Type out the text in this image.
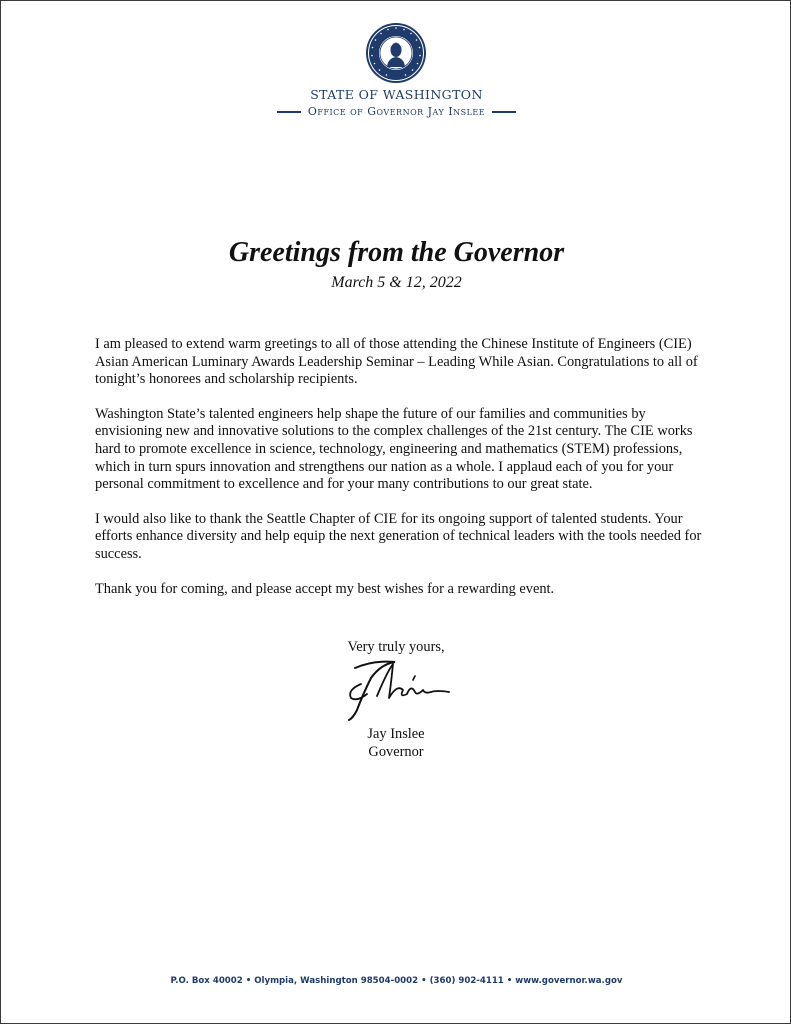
STATE OF WASHINGTON
Office of Governor Jay Inslee
Greetings from the Governor
March 5 & 12, 2022

I am pleased to extend warm greetings to all of those attending the Chinese Institute of Engineers (CIE) Asian American Luminary Awards Leadership Seminar – Leading While Asian. Congratulations to all of tonight’s honorees and scholarship recipients.

Washington State’s talented engineers help shape the future of our families and communities by envisioning new and innovative solutions to the complex challenges of the 21st century. The CIE works hard to promote excellence in science, technology, engineering and mathematics (STEM) professions, which in turn spurs innovation and strengthens our nation as a whole. I applaud each of you for your personal commitment to excellence and for your many contributions to our great state.

I would also like to thank the Seattle Chapter of CIE for its ongoing support of talented students. Your efforts enhance diversity and help equip the next generation of technical leaders with the tools needed for success.

Thank you for coming, and please accept my best wishes for a rewarding event.

Very truly yours,
Jay Inslee
Governor
P.O. Box 40002 • Olympia, Washington 98504-0002 • (360) 902-4111 • www.governor.wa.gov
